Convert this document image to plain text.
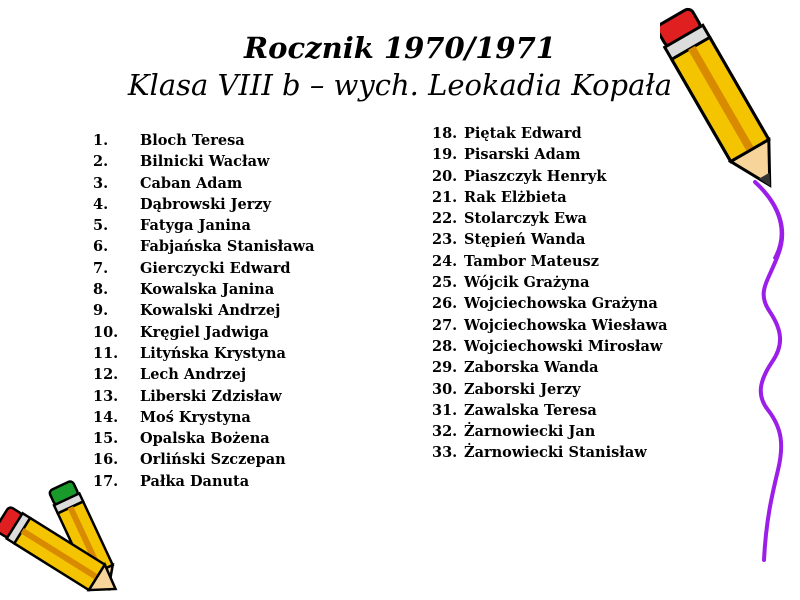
Rocznik 1970/1971
Klasa VIII b – wych. Leokadia Kopała
1.	Bloch Teresa
2.	Bilnicki Wacław
3.	Caban Adam
4.	Dąbrowski Jerzy
5.	Fatyga Janina
6.	Fabjańska Stanisława
7.	Gierczycki Edward
8.	Kowalska Janina
9.	Kowalski Andrzej
10.	Kręgiel Jadwiga
11.	Lityńska Krystyna
12.	Lech Andrzej
13.	Liberski Zdzisław
14.	Moś Krystyna
15.	Opalska Bożena
16.	Orliński Szczepan
17.	Pałka Danuta
18. Piętak Edward
19. Pisarski Adam
20. Piaszczyk Henryk
21. Rak Elżbieta
22. Stolarczyk Ewa
23. Stępień Wanda
24. Tambor Mateusz
25. Wójcik Grażyna
26. Wojciechowska Grażyna
27. Wojciechowska Wiesława
28. Wojciechowski Mirosław
29. Zaborska Wanda
30. Zaborski Jerzy
31. Zawalska Teresa
32. Żarnowiecki Jan
33. Żarnowiecki Stanisław
